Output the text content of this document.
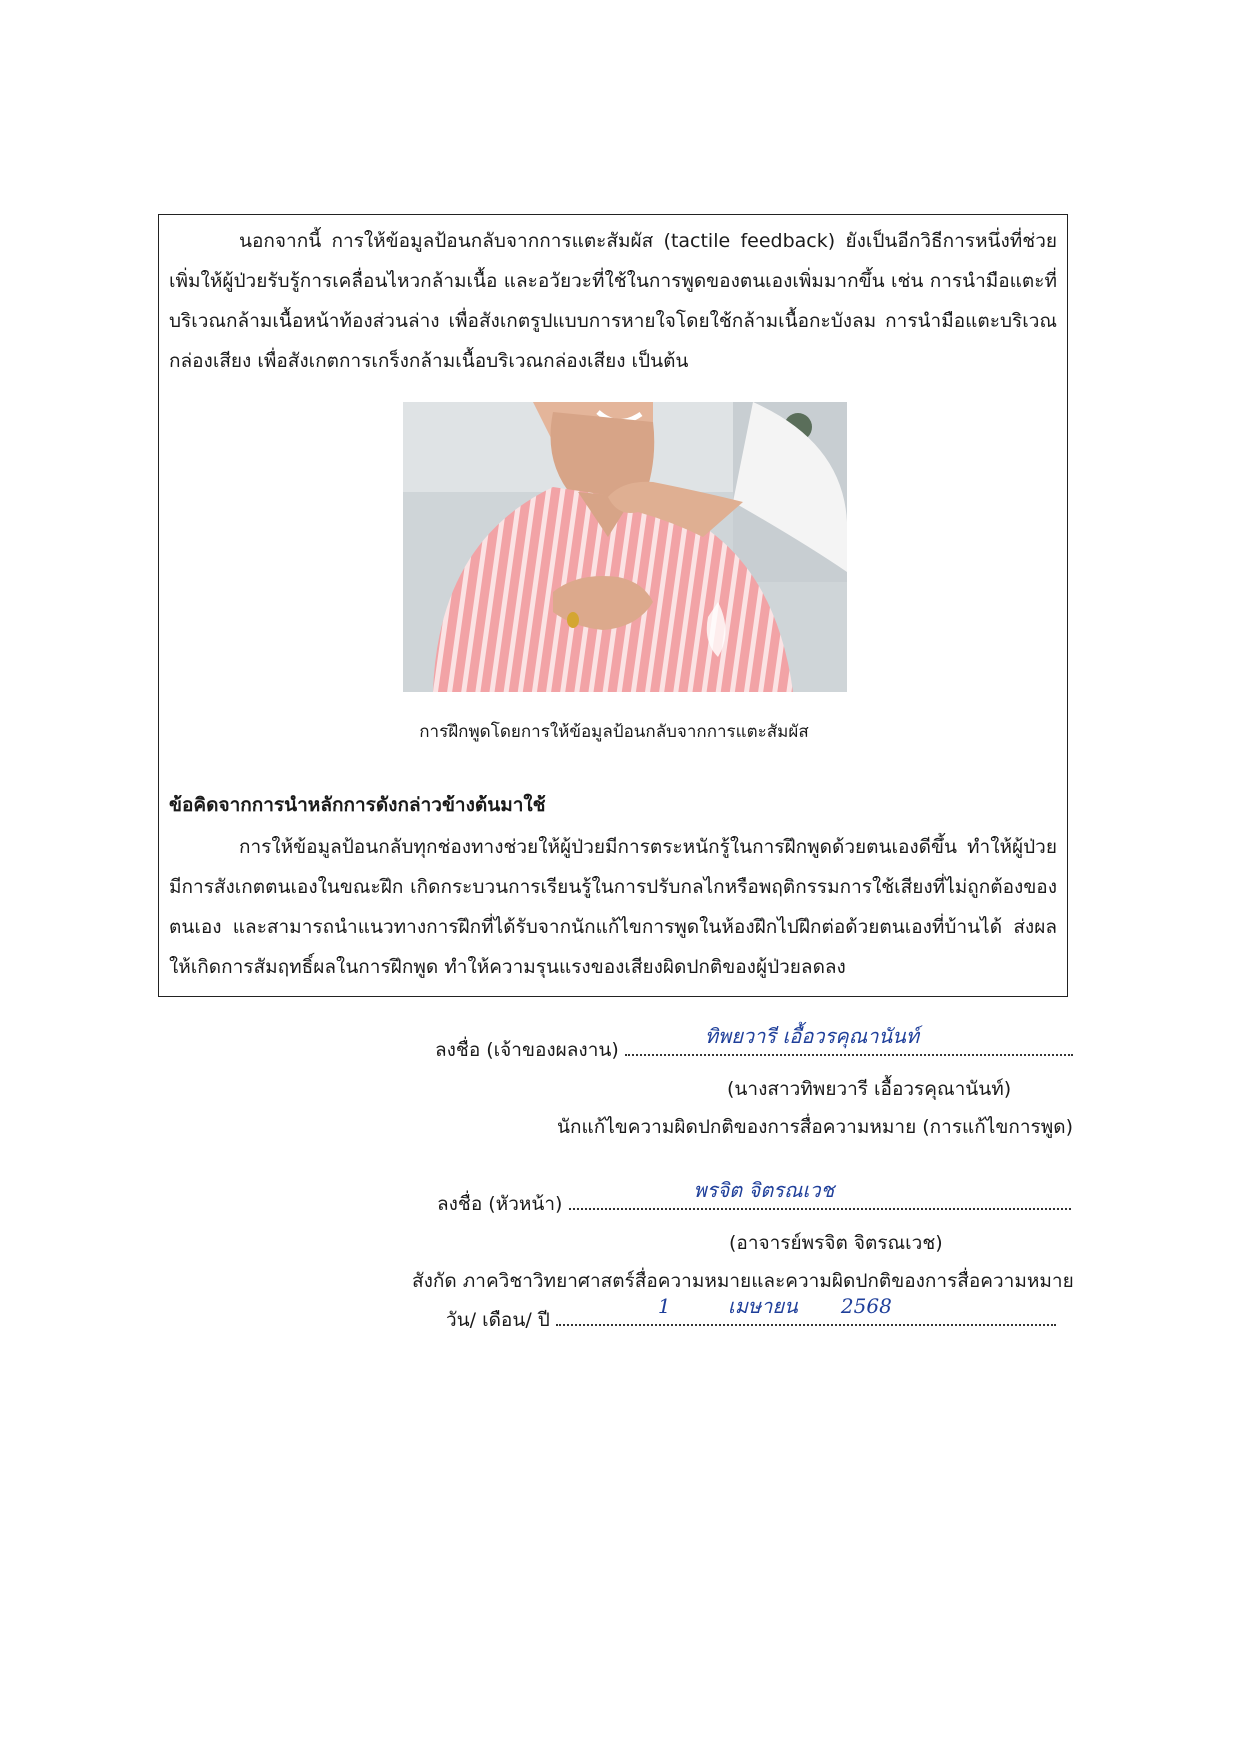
นอกจากนี้ การให้ข้อมูลป้อนกลับจากการแตะสัมผัส (tactile feedback) ยังเป็นอีกวิธีการหนึ่งที่ช่วยเพิ่มให้ผู้ป่วยรับรู้การเคลื่อนไหวกล้ามเนื้อ และอวัยวะที่ใช้ในการพูดของตนเองเพิ่มมากขึ้น เช่น การนำมือแตะที่บริเวณกล้ามเนื้อหน้าท้องส่วนล่าง เพื่อสังเกตรูปแบบการหายใจโดยใช้กล้ามเนื้อกะบังลม การนำมือแตะบริเวณกล่องเสียง เพื่อสังเกตการเกร็งกล้ามเนื้อบริเวณกล่องเสียง เป็นต้น

การฝึกพูดโดยการให้ข้อมูลป้อนกลับจากการแตะสัมผัส
ข้อคิดจากการนำหลักการดังกล่าวข้างต้นมาใช้

การให้ข้อมูลป้อนกลับทุกช่องทางช่วยให้ผู้ป่วยมีการตระหนักรู้ในการฝึกพูดด้วยตนเองดีขึ้น ทำให้ผู้ป่วยมีการสังเกตตนเองในขณะฝึก เกิดกระบวนการเรียนรู้ในการปรับกลไกหรือพฤติกรรมการใช้เสียงที่ไม่ถูกต้องของตนเอง และสามารถนำแนวทางการฝึกที่ได้รับจากนักแก้ไขการพูดในห้องฝึกไปฝึกต่อด้วยตนเองที่บ้านได้ ส่งผลให้เกิดการสัมฤทธิ์ผลในการฝึกพูด ทำให้ความรุนแรงของเสียงผิดปกติของผู้ป่วยลดลง

ลงชื่อ (เจ้าของผลงาน)
ทิพยวารี เอื้อวรคุณานันท์
(นางสาวทิพยวารี เอื้อวรคุณานันท์)
นักแก้ไขความผิดปกติของการสื่อความหมาย (การแก้ไขการพูด)
ลงชื่อ (หัวหน้า)
พรจิต จิตรณเวช
(อาจารย์พรจิต จิตรณเวช)
สังกัด ภาควิชาวิทยาศาสตร์สื่อความหมายและความผิดปกติของการสื่อความหมาย
วัน/ เดือน/ ปี
1	เมษายน 2568
